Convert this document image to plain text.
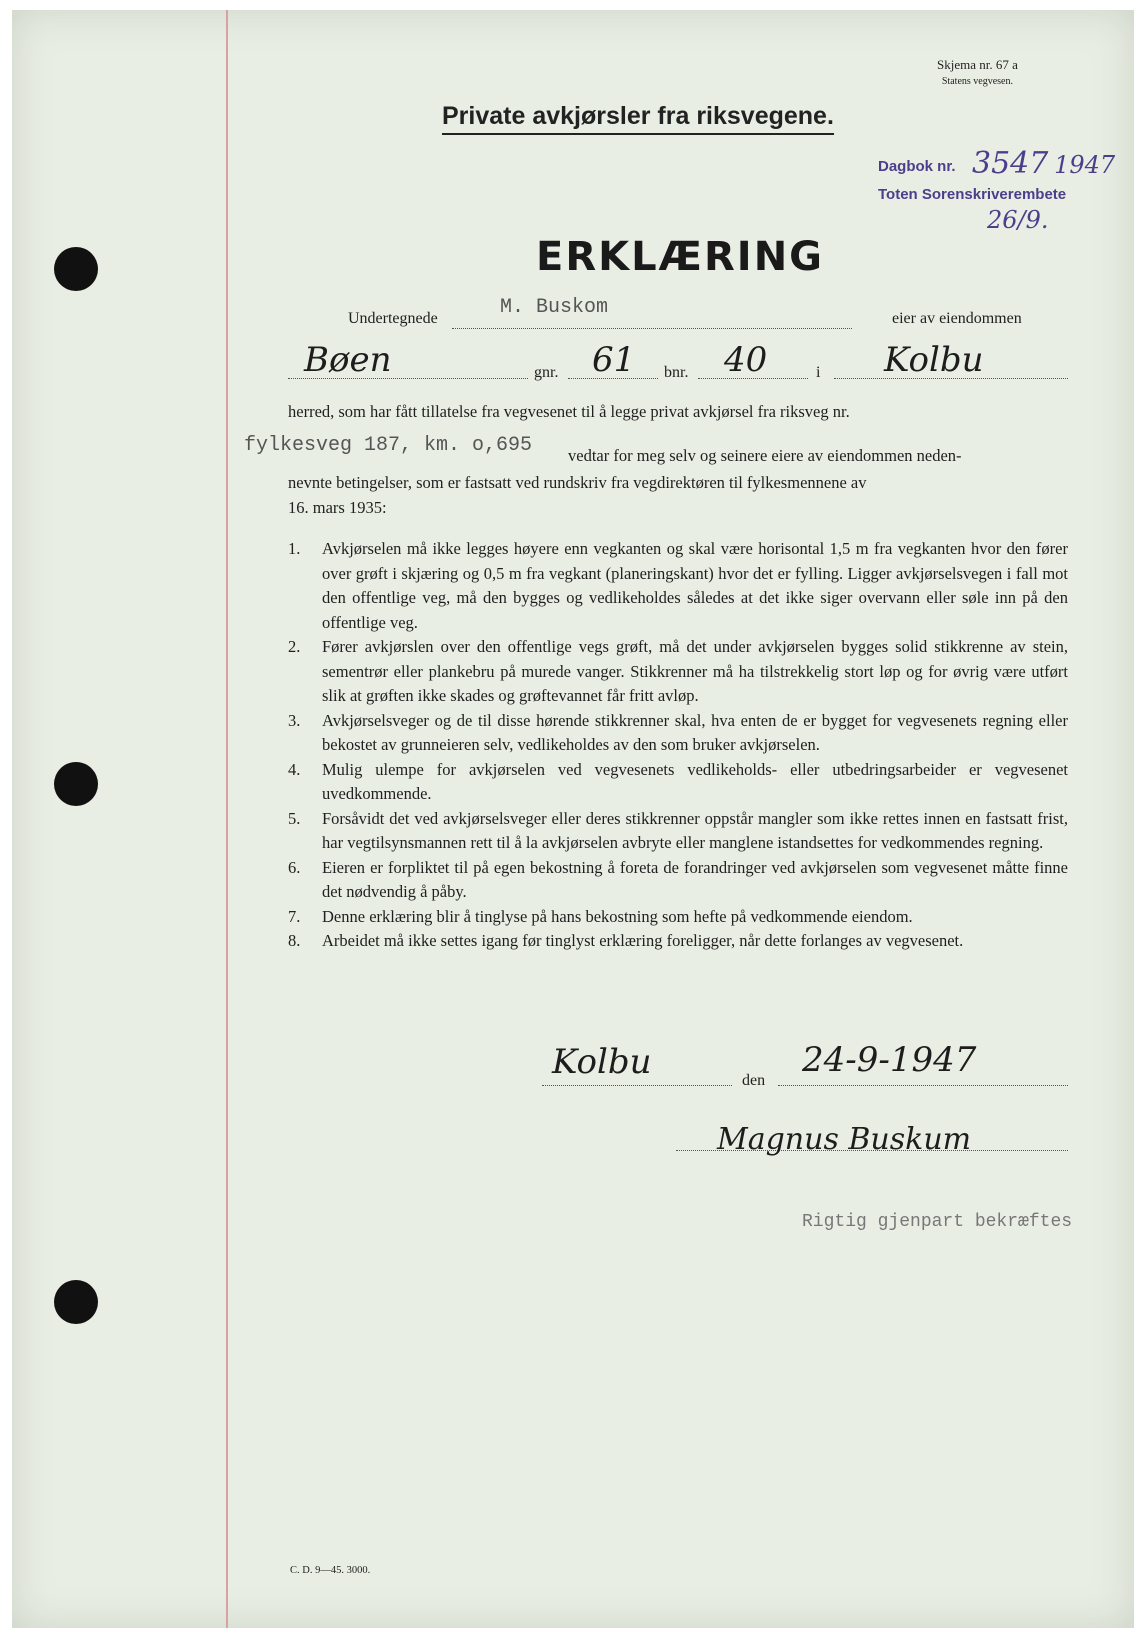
Skjema nr. 67 a
Statens vegvesen.
Private avkjørsler fra riksvegene.
Dagbok nr. 3547 1947
Toten Sorenskriverembete
26/9.
ERKLÆRING
Undertegnede	M. Buskom	eier av eiendommen
Bøen	gnr. 61 bnr. 40	i Kolbu
herred, som har fått tillatelse fra vegvesenet til å legge privat avkjørsel fra riksveg nr.
fylkesveg 187, km. o,695 vedtar for meg selv og seinere eiere av eiendommen neden-
nevnte betingelser, som er fastsatt ved rundskriv fra vegdirektøren til fylkesmennene av
16. mars 1935:
1.	Avkjørselen må ikke legges høyere enn vegkanten og skal være horisontal 1,5 m fra vegkanten hvor den fører over grøft i skjæring og 0,5 m fra vegkant (planeringskant) hvor det er fylling. Ligger avkjørselsvegen i fall mot den offentlige veg, må den bygges og vedlikeholdes således at det ikke siger overvann eller søle inn på den offentlige veg.
2.	Fører avkjørslen over den offentlige vegs grøft, må det under avkjørselen bygges solid stikkrenne av stein, sementrør eller plankebru på murede vanger. Stikkrenner må ha tilstrekkelig stort løp og for øvrig være utført slik at grøften ikke skades og grøftevannet får fritt avløp.
3.	Avkjørselsveger og de til disse hørende stikkrenner skal, hva enten de er bygget for vegvesenets regning eller bekostet av grunneieren selv, vedlikeholdes av den som bruker avkjørselen.
4.	Mulig ulempe for avkjørselen ved vegvesenets vedlikeholds- eller utbedringsarbeider er vegvesenet uvedkommende.
5.	Forsåvidt det ved avkjørselsveger eller deres stikkrenner oppstår mangler som ikke rettes innen en fastsatt frist, har vegtilsynsmannen rett til å la avkjørselen avbryte eller manglene istandsettes for vedkommendes regning.
6.	Eieren er forpliktet til på egen bekostning å foreta de forandringer ved avkjørselen som vegvesenet måtte finne det nødvendig å påby.
7.	Denne erklæring blir å tinglyse på hans bekostning som hefte på vedkommende eiendom.
8.	Arbeidet må ikke settes igang før tinglyst erklæring foreligger, når dette forlanges av vegvesenet.
Kolbu	den
24-9-1947
Magnus Buskum
Rigtig gjenpart bekræftes
C. D. 9—45. 3000.
